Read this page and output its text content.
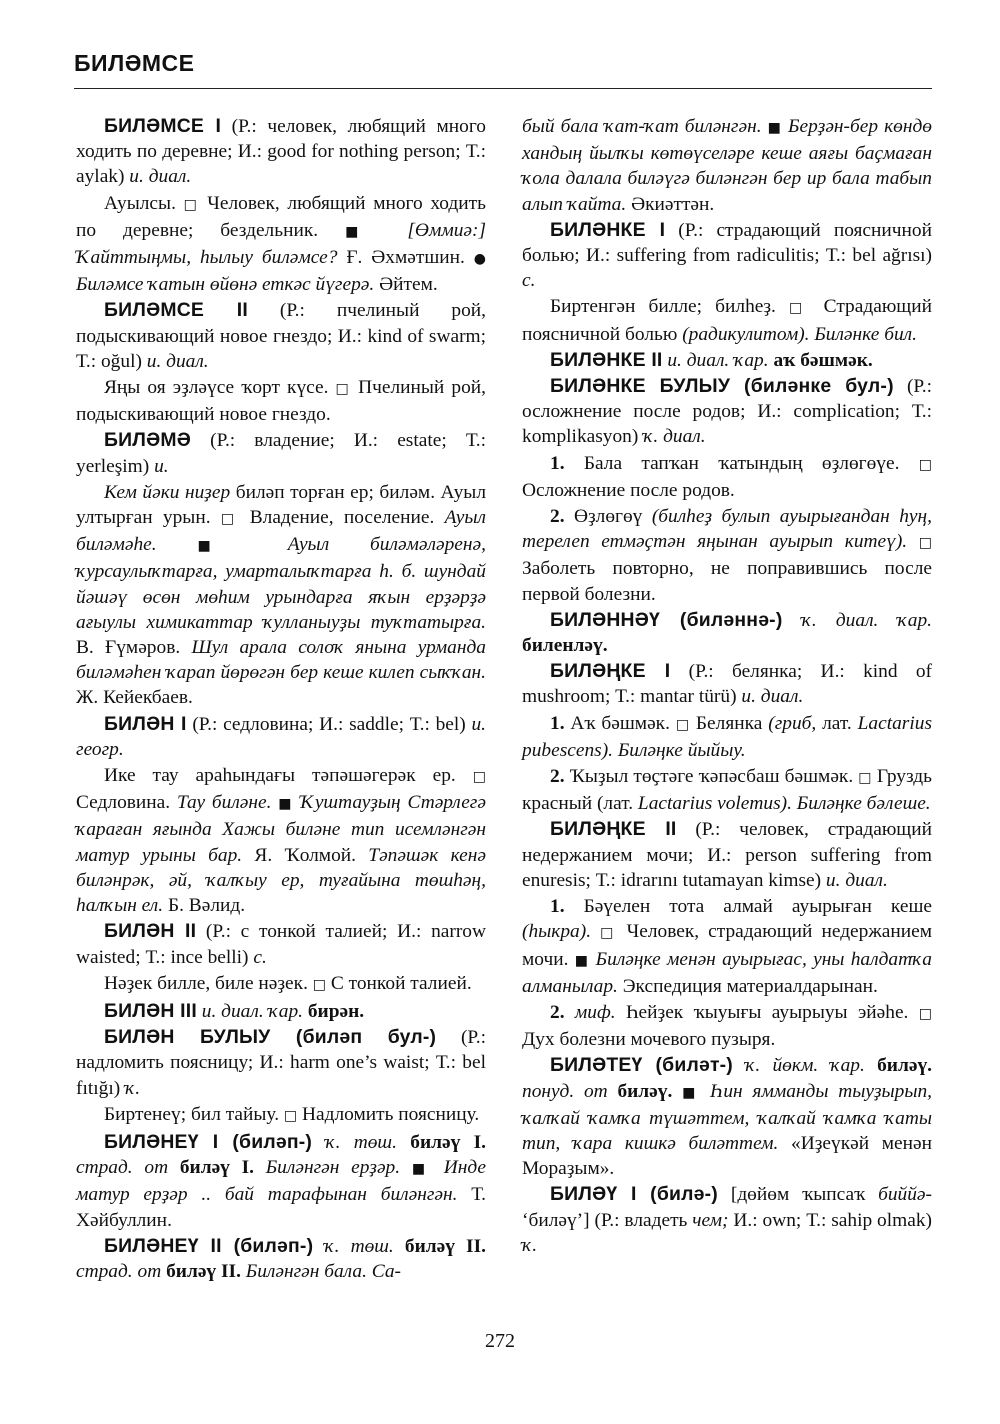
БИЛӘМСЕ

БИЛӘМСЕ І (Р.: человек, любящий много ходить по деревне; И.: good for nothing person; Т.: aylak) и. диал.

Ауылсы. □ Человек, любящий много ходить по деревне; бездельник. ■ [Өммиә:] Ҡайттыңмы, һылыу биләмсе? Ғ. Әхмәтшин. ● Биләмсе ҡатын өйөнә еткәс йүгерә. Әйтем.

БИЛӘМСЕ ІІ (Р.: пчелиный рой, подыскивающий новое гнездо; И.: kind of swarm; Т.: oğul) и. диал.

Яңы оя эҙләүсе ҡорт күсе. □ Пчелиный рой, подыскивающий новое гнездо.

БИЛӘМӘ (Р.: владение; И.: estate; Т.: yerleşim) и.

Кем йәки ниҙер биләп торған ер; биләм. Ауыл ултырған урын. □ Владение, поселение. Ауыл биләмәһе.	■ Ауыл биләмәләренә, ҡурсаулыҡтарға, умарталыҡтарға һ. б. шундай йәшәү өсөн мөһим урындарға яҡын ерҙәрҙә ағыулы химикаттар ҡулланыуҙы туҡтатырға. В. Ғүмәров. Шул арала солоҡ янына урманда биләмәһен ҡарап йөрөгән бер кеше килеп сыҡҡан. Ж. Кейекбаев.

БИЛӘН І (Р.: седловина; И.: saddle; Т.: bel) и. геогр.

Ике тау араһындағы тәпәшәгерәк ер. □ Седловина. Тау биләне. ■ Ҡуштауҙың Стәрлегә ҡараған яғында Хажы биләне тип исемләнгән матур урыны бар. Я. Ҡолмой. Тәпәшәк кенә биләнрәк, әй, ҡалҡыу ер, туғайына төшһәң, һалҡын ел. Б. Вәлид.

БИЛӘН ІІ (Р.: с тонкой талией; И.: narrow waisted; Т.: ince belli) с.

Нәҙек билле, биле нәҙек. □ С тонкой талией.

БИЛӘН ІІІ и. диал. ҡар. бирән.

БИЛӘН БУЛЫУ (биләп бул-) (Р.: надломить поясницу; И.: harm one’s waist; Т.: bel fıtığı) ҡ.

Биртенеү; бил тайыу. □ Надломить поясницу.

БИЛӘНЕҮ І (биләп-) ҡ. төш. биләү І. страд. от биләү І. Биләнгән ерҙәр. ■ Инде матур ерҙәр .. бай тарафынан биләнгән. Т. Хәйбуллин.

БИЛӘНЕҮ ІІ (биләп-) ҡ. төш. биләү ІІ. страд. от биләү ІІ. Биләнгән бала. Са-

бый бала ҡат-ҡат биләнгән. ■ Берҙән-бер көндө хандың йылҡы көтөүселәре кеше аяғы баҫмаған ҡола далала биләүгә биләнгән бер ир бала табып алып ҡайта. Әкиәттән.

БИЛӘНКЕ І (Р.: страдающий поясничной болью; И.: suffering from radiculitis; Т.: bel ağrısı) с.

Биртенгән билле; билһеҙ. □ Страдающий поясничной болью (радикулитом). Биләнке бил.

БИЛӘНКЕ ІІ и. диал. ҡар. аҡ бәшмәк.

БИЛӘНКЕ БУЛЫУ (биләнке бул-) (Р.: осложнение после родов; И.: complication; Т.: komplikasyon) ҡ. диал.

1. Бала тапҡан ҡатындың өҙлөгөүе. □ Осложнение после родов.

2. Өҙлөгөү (билһеҙ булып ауырығандан һуң, терелеп етмәҫтән яңынан ауырып китеү). □ Заболеть повторно, не поправившись после первой болезни.

БИЛӘННӘҮ (биләннә-) ҡ. диал. ҡар. биленләү.

БИЛӘҢКЕ І (Р.: белянка; И.: kind of mushroom; Т.: mantar türü) и. диал.

1. Аҡ бәшмәк. □ Белянка (гриб, лат. Lactarius pubescens). Биләңке йыйыу.

2. Ҡыҙыл төҫтәге ҡәпәсбаш бәшмәк. □ Груздь красный (лат. Lactarius volemus). Биләңке бәлеше.

БИЛӘҢКЕ ІІ (Р.: человек, страдающий недержанием мочи; И.: person suffering from enuresis; Т.: idrarını tutamayan kimse) и. диал.

1. Бәүелен тота алмай ауырыған кеше (һыкра). □ Человек, страдающий недержанием мочи. ■ Биләңке менән ауырығас, уны һалдатҡа алманылар. Экспедиция материалдарынан.

2. миф. Һейҙек ҡыуығы ауырыуы эйәһе. □ Дух болезни мочевого пузыря.

БИЛӘТЕҮ (биләт-) ҡ. йөкм. ҡар. биләү. понуд. от биләү. ■ Һин ямманды тыуҙырып, ҡалҡай ҡамҡа түшәттем, ҡалҡай ҡамҡа ҡаты тип, ҡара кишкә биләттем. «Иҙеүкәй менән Мораҙым».

БИЛӘҮ І (билә-) [дөйөм ҡыпсаҡ биййә- ‘биләү’] (Р.: владеть чем; И.: own; Т.: sahip olmak) ҡ.

272
